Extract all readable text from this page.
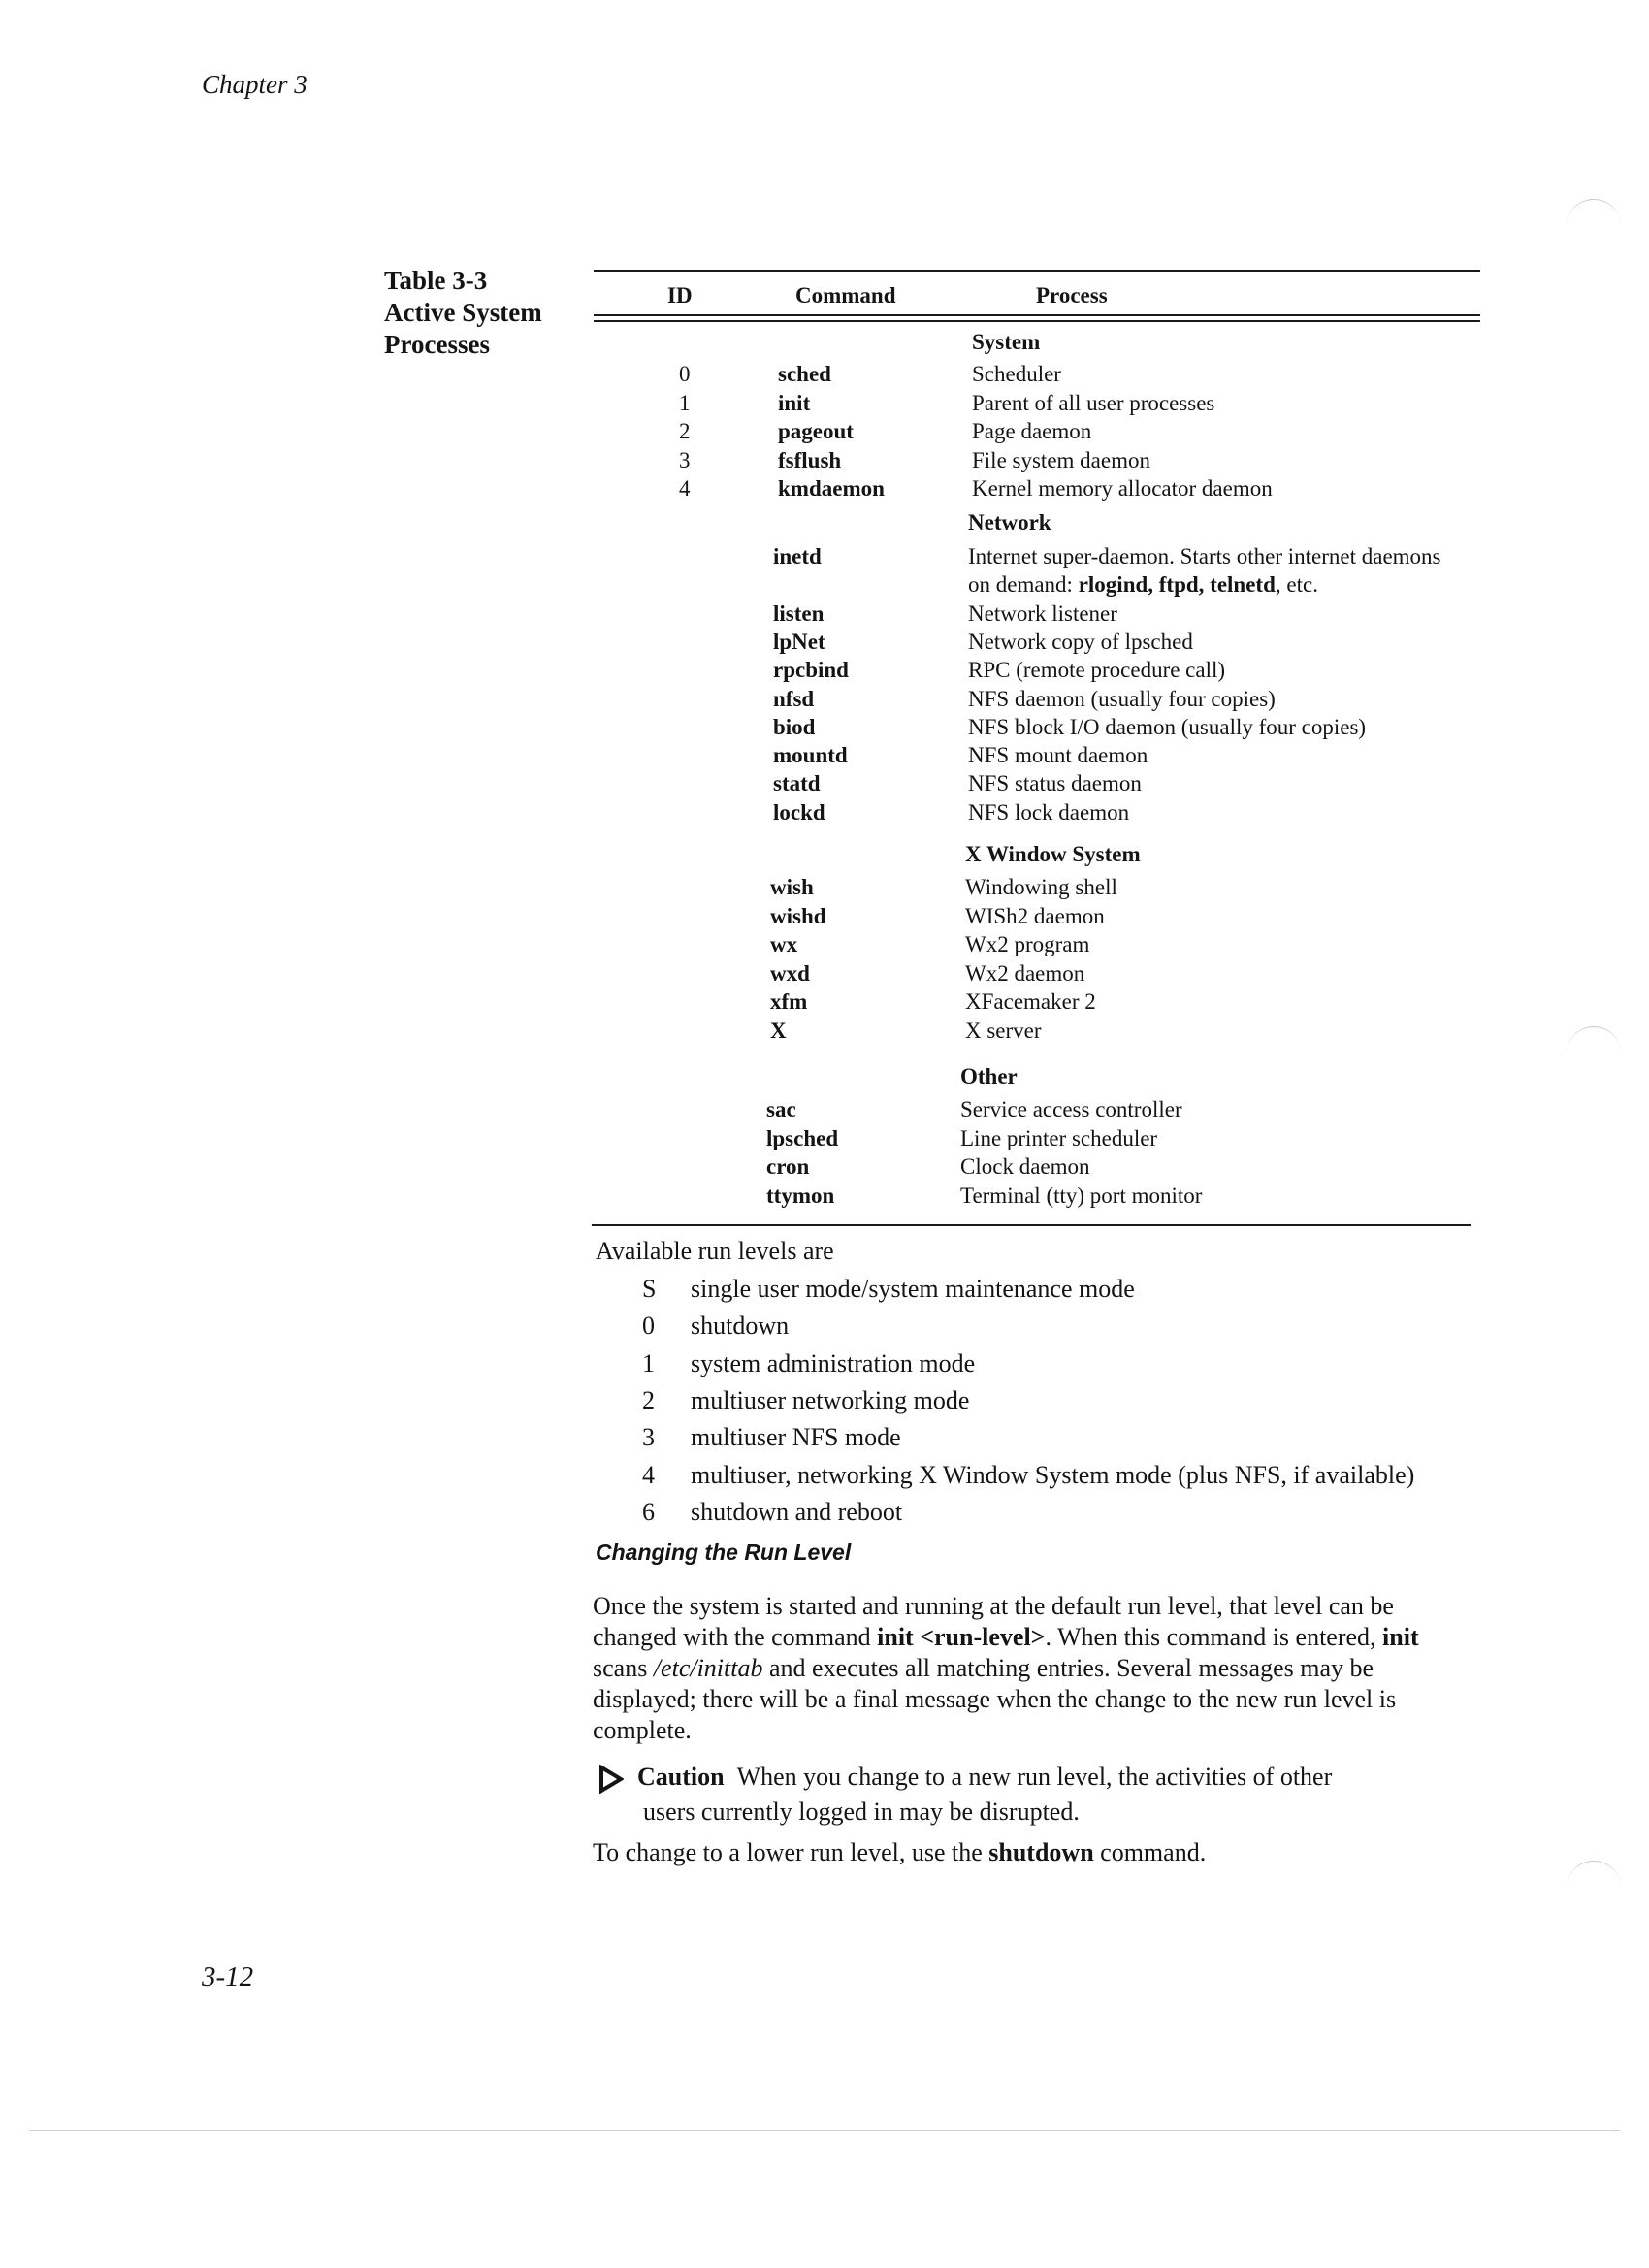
Chapter 3
Table 3-3
Active System
Processes
ID	Command	Process
System
0	sched	Scheduler
1	init	Parent of all user processes
2	pageout	Page daemon
3	fsflush	File system daemon
4	kmdaemon	Kernel memory allocator daemon
Network
inetd	Internet super-daemon. Starts other internet daemons
on demand: rlogind, ftpd, telnetd, etc.
listen	Network listener
lpNet	Network copy of lpsched
rpcbind	RPC (remote procedure call)
nfsd	NFS daemon (usually four copies)
biod	NFS block I/O daemon (usually four copies)
mountd	NFS mount daemon
statd	NFS status daemon
lockd	NFS lock daemon
X Window System
wish	Windowing shell
wishd	WISh2 daemon
wx	Wx2 program
wxd	Wx2 daemon
xfm	XFacemaker 2
X	X server
Other
sac	Service access controller
lpsched	Line printer scheduler
cron	Clock daemon
ttymon	Terminal (tty) port monitor
Available run levels are
S single user mode/system maintenance mode
0 shutdown
1 system administration mode
2 multiuser networking mode
3 multiuser NFS mode
4 multiuser, networking X Window System mode (plus NFS, if available)
6 shutdown and reboot
Changing the Run Level
Once the system is started and running at the default run level, that level can be changed with the command init <run-level>. When this command is entered, init scans /etc/inittab and executes all matching entries. Several messages may be displayed; there will be a final message when the change to the new run level is complete.
Caution When you change to a new run level, the activities of other
users currently logged in may be disrupted.
To change to a lower run level, use the shutdown command.
3-12
